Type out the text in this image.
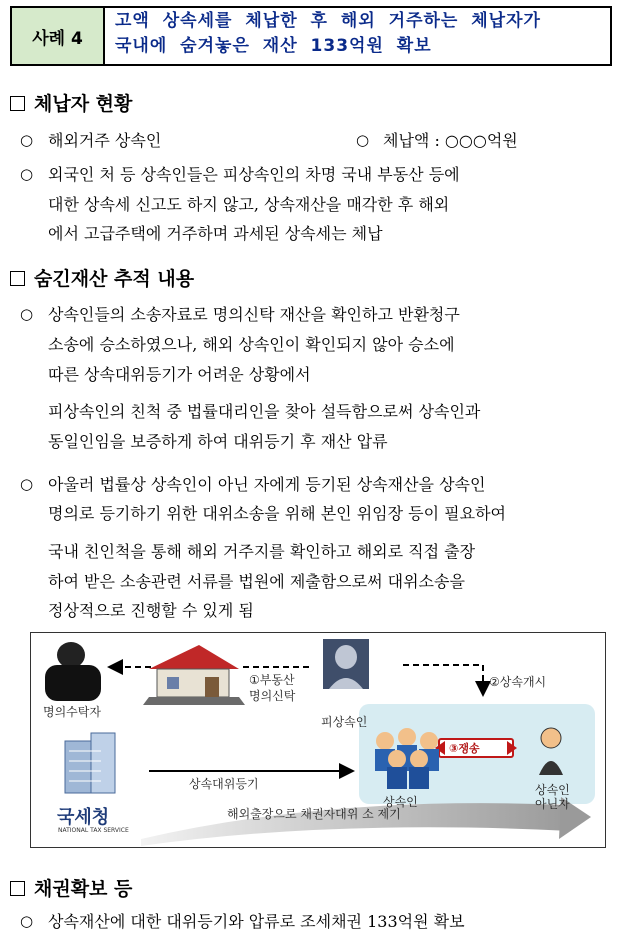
사례 4
고액 상속세를 체납한 후 해외 거주하는 체납자가
국내에 숨겨놓은 재산 133억원 확보
체납자 현황
○ 해외거주 상속인	○ 체납액 : ○○○억원
○ 외국인 처 등 상속인들은 피상속인의 차명 국내 부동산 등에
대한 상속세 신고도 하지 않고, 상속재산을 매각한 후 해외
에서 고급주택에 거주하며 과세된 상속세는 체납
숨긴재산 추적 내용
○ 상속인들의 소송자료로 명의신탁 재산을 확인하고 반환청구
소송에 승소하였으나, 해외 상속인이 확인되지 않아 승소에
따른 상속대위등기가 어려운 상황에서
피상속인의 친척 중 법률대리인을 찾아 설득함으로써 상속인과
동일인임을 보증하게 하여 대위등기 후 재산 압류
○ 아울러 법률상 상속인이 아닌 자에게 등기된 상속재산을 상속인
명의로 등기하기 위한 대위소송을 위해 본인 위임장 등이 필요하여
국내 친인척을 통해 해외 거주지를 확인하고 해외로 직접 출장
하여 받은 소송관련 서류를 법원에 제출함으로써 대위소송을
정상적으로 진행할 수 있게 됨
명의수탁자
①부동산
명의신탁
피상속인
②상속개시
③쟁송
상속인
상속인
아닌자
상속대위등기
해외출장으로 채권자대위 소 제기
국세청
NATIONAL TAX SERVICE
채권확보 등
○ 상속재산에 대한 대위등기와 압류로 조세채권 133억원 확보
